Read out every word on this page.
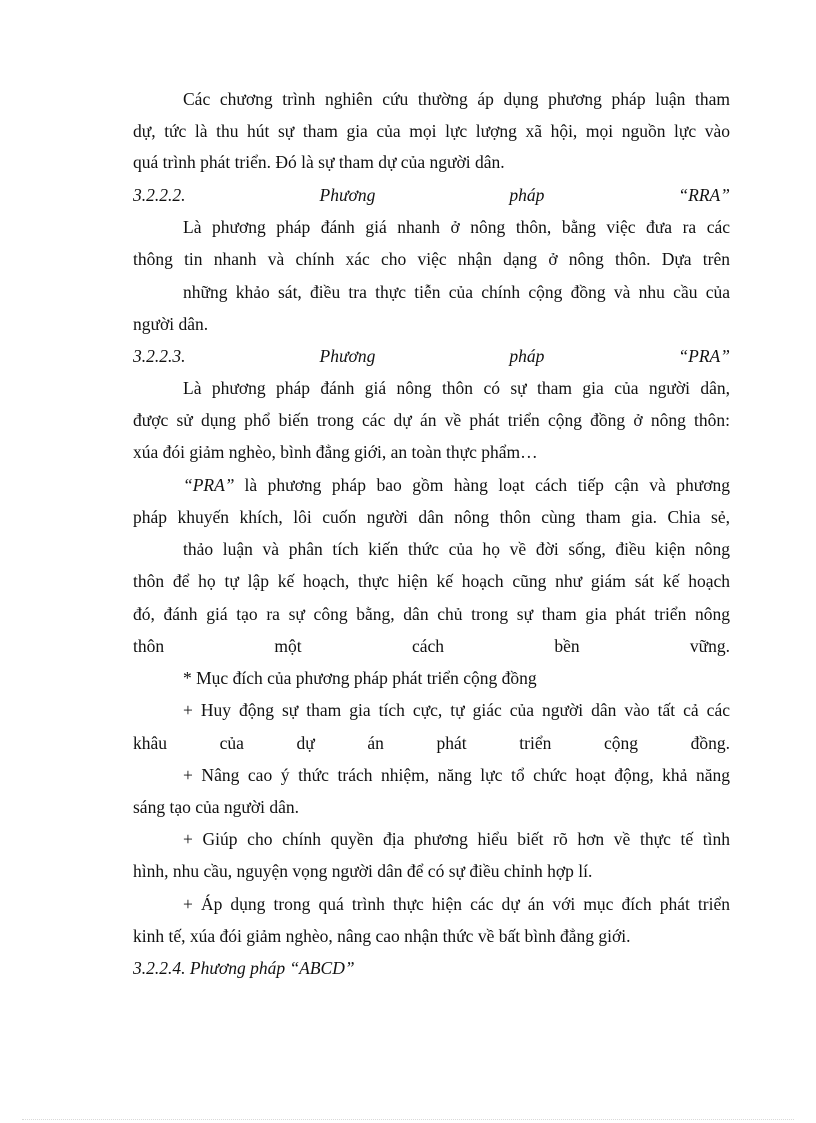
Các chương trình nghiên cứu thường áp dụng phương pháp luận tham
dự, tức là thu hút sự tham gia của mọi lực lượng xã hội, mọi nguồn lực vào
quá trình phát triển. Đó là sự tham dự của người dân.
3.2.2.2.	Phương	pháp	“RRA”
Là phương pháp đánh giá nhanh ở nông thôn, bằng việc đưa ra các
thông tin nhanh và chính xác cho việc nhận dạng ở nông thôn. Dựa trên
những khảo sát, điều tra thực tiễn của chính cộng đồng và nhu cầu của
người dân.
3.2.2.3.	Phương	pháp	“PRA”
Là phương pháp đánh giá nông thôn có sự tham gia của người dân,
được sử dụng phổ biến trong các dự án về phát triển cộng đồng ở nông thôn:
xúa đói giảm nghèo, bình đẳng giới, an toàn thực phẩm…
“PRA” là phương pháp bao gồm hàng loạt cách tiếp cận và phương
pháp khuyến khích, lôi cuốn người dân nông thôn cùng tham gia. Chia sẻ,
thảo luận và phân tích kiến thức của họ về đời sống, điều kiện nông
thôn để họ tự lập kế hoạch, thực hiện kế hoạch cũng như giám sát kế hoạch
đó, đánh giá tạo ra sự công bằng, dân chủ trong sự tham gia phát triển nông
thôn một cách bền vững.
* Mục đích của phương pháp phát triển cộng đồng
+ Huy động sự tham gia tích cực, tự giác của người dân vào tất cả các
khâu của dự án phát triển cộng đồng.
+ Nâng cao ý thức trách nhiệm, năng lực tổ chức hoạt động, khả năng
sáng tạo của người dân.
+ Giúp cho chính quyền địa phương hiểu biết rõ hơn về thực tế tình
hình, nhu cầu, nguyện vọng người dân để có sự điều chỉnh hợp lí.
+ Áp dụng trong quá trình thực hiện các dự án với mục đích phát triển
kinh tế, xúa đói giảm nghèo, nâng cao nhận thức về bất bình đẳng giới.
3.2.2.4. Phương pháp “ABCD”
